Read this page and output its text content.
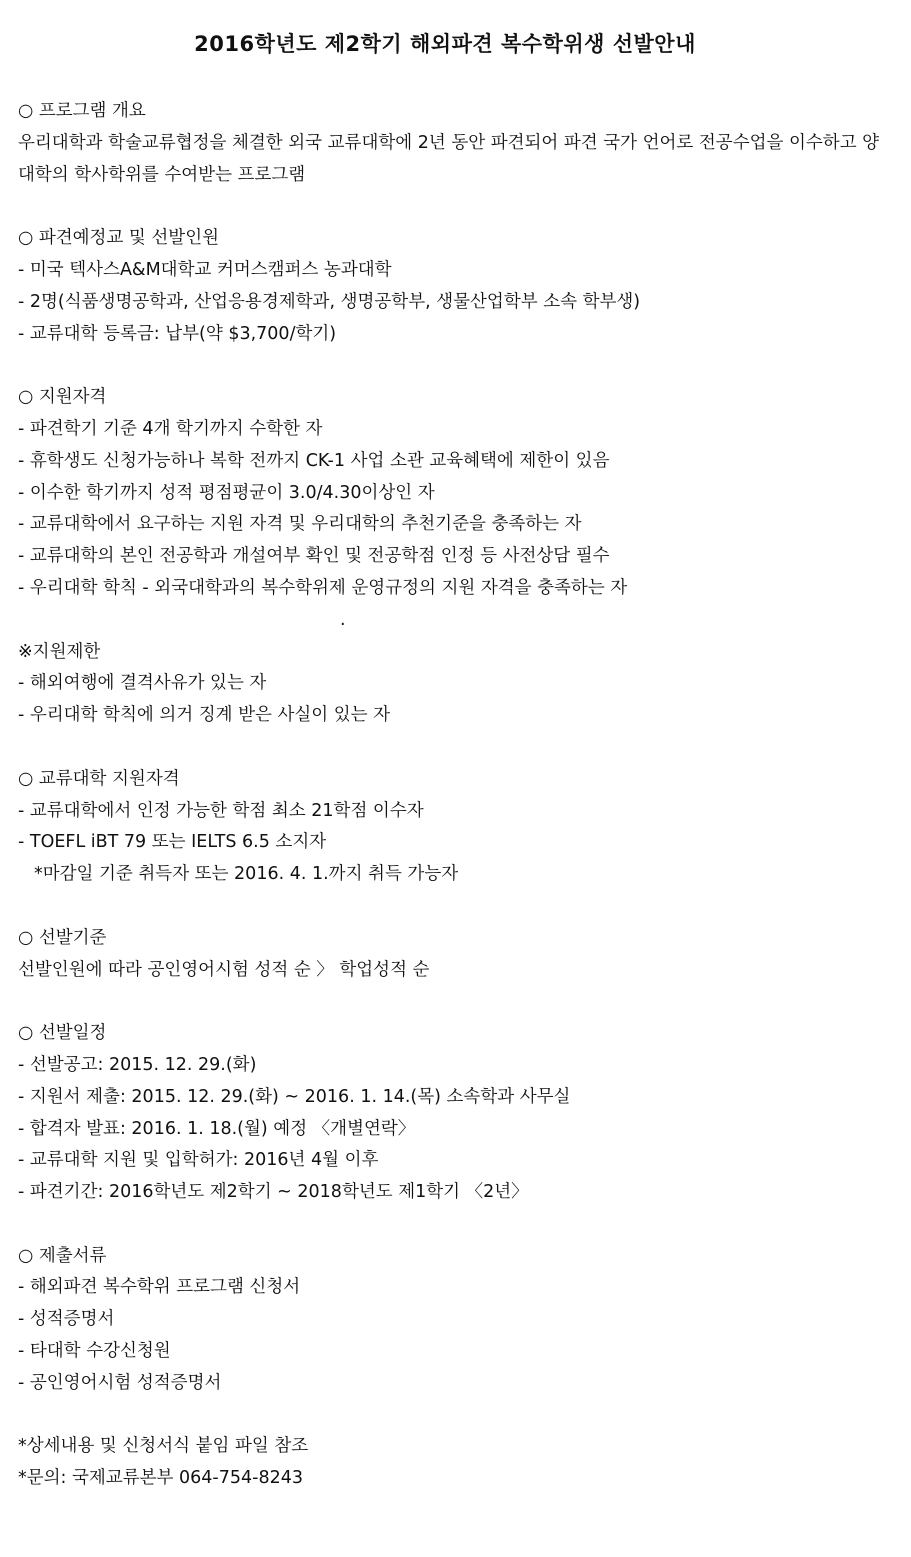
2016학년도 제2학기 해외파견 복수학위생 선발안내
○ 프로그램 개요
우리대학과 학술교류협정을 체결한 외국 교류대학에 2년 동안 파견되어 파견 국가 언어로 전공수업을 이수하고 양 대학의 학사학위를 수여받는 프로그램
○ 파견예정교 및 선발인원
- 미국 텍사스A&M대학교 커머스캠퍼스 농과대학
- 2명(식품생명공학과, 산업응용경제학과, 생명공학부, 생물산업학부 소속 학부생)
- 교류대학 등록금: 납부(약 $3,700/학기)
○ 지원자격
- 파견학기 기준 4개 학기까지 수학한 자
- 휴학생도 신청가능하나 복학 전까지 CK-1 사업 소관 교육혜택에 제한이 있음
- 이수한 학기까지 성적 평점평균이 3.0/4.30이상인 자
- 교류대학에서 요구하는 지원 자격 및 우리대학의 추천기준을 충족하는 자
- 교류대학의 본인 전공학과 개설여부 확인 및 전공학점 인정 등 사전상담 필수
- 우리대학 학칙 - 외국대학과의 복수학위제 운영규정의 지원 자격을 충족하는 자
.
※지원제한
- 해외여행에 결격사유가 있는 자
- 우리대학 학칙에 의거 징계 받은 사실이 있는 자
○ 교류대학 지원자격
- 교류대학에서 인정 가능한 학점 최소 21학점 이수자
- TOEFL iBT 79 또는 IELTS 6.5 소지자
*마감일 기준 취득자 또는 2016. 4. 1.까지 취득 가능자
○ 선발기준
선발인원에 따라 공인영어시험 성적 순 〉 학업성적 순
○ 선발일정
- 선발공고: 2015. 12. 29.(화)
- 지원서 제출: 2015. 12. 29.(화) ~ 2016. 1. 14.(목) 소속학과 사무실
- 합격자 발표: 2016. 1. 18.(월) 예정 〈개별연락〉
- 교류대학 지원 및 입학허가: 2016년 4월 이후
- 파견기간: 2016학년도 제2학기 ~ 2018학년도 제1학기 〈2년〉
○ 제출서류
- 해외파견 복수학위 프로그램 신청서
- 성적증명서
- 타대학 수강신청원
- 공인영어시험 성적증명서
*상세내용 및 신청서식 붙임 파일 참조
*문의: 국제교류본부 064-754-8243
